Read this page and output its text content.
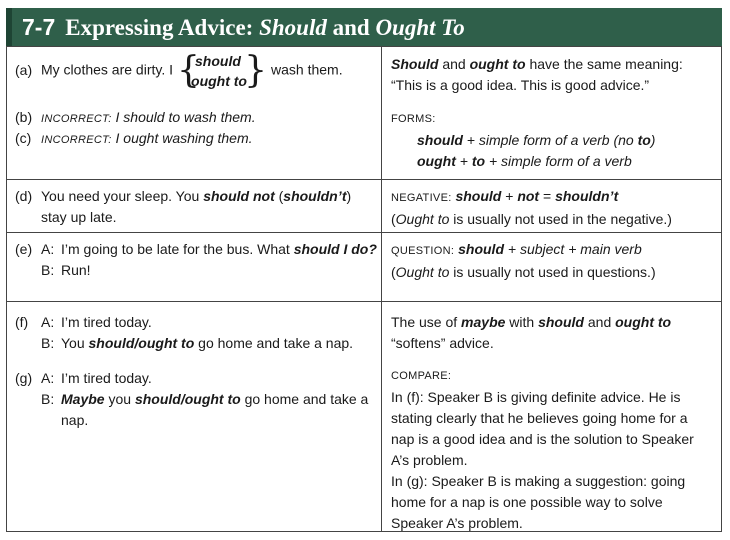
7-7 Expressing Advice: Should and Ought To
(a) My clothes are dirty. I {
should
ought to
} wash them.
(b) INCORRECT: I should to wash them.
(c) INCORRECT: I ought washing them.
Should and ought to have the same meaning:
“This is a good idea. This is good advice.”
FORMS:
should + simple form of a verb (no to)
ought + to + simple form of a verb
(d) You need your sleep. You should not (shouldn’t)
stay up late.
NEGATIVE: should + not = shouldn’t
(Ought to is usually not used in the negative.)
(e) A: I’m going to be late for the bus. What should I do?
B: Run!
QUESTION: should + subject + main verb
(Ought to is usually not used in questions.)
(f) A: I’m tired today.
B: You should/ought to go home and take a nap.
(g) A: I’m tired today.
B: Maybe you should/ought to go home and take a
nap.
The use of maybe with should and ought to
“softens” advice.
COMPARE:
In (f): Speaker B is giving definite advice. He is
stating clearly that he believes going home for a
nap is a good idea and is the solution to Speaker
A’s problem.
In (g): Speaker B is making a suggestion: going
home for a nap is one possible way to solve
Speaker A’s problem.
